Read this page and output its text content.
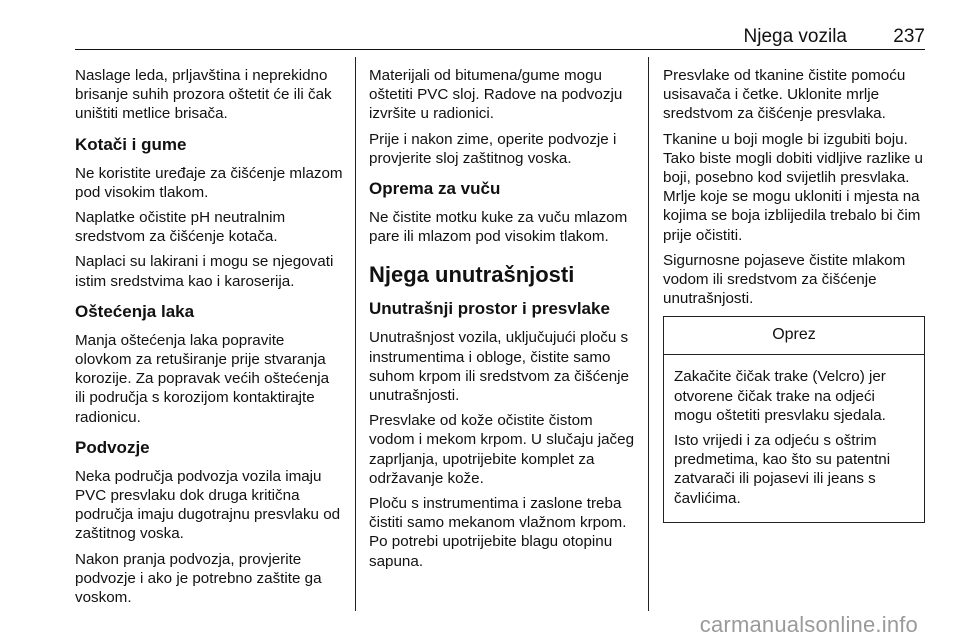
Njega vozila 237

Naslage leda, prljavština i neprekidno brisanje suhih prozora oštetit će ili čak uništiti metlice brisača.

Kotači i gume

Ne koristite uređaje za čišćenje mlazom pod visokim tlakom.

Naplatke očistite pH neutralnim sredstvom za čišćenje kotača.

Naplaci su lakirani i mogu se njegovati istim sredstvima kao i karoserija.

Oštećenja laka

Manja oštećenja laka popravite olovkom za retuširanje prije stvaranja korozije. Za popravak većih oštećenja ili područja s korozijom kontaktirajte radionicu.

Podvozje

Neka područja podvozja vozila imaju PVC presvlaku dok druga kritična područja imaju dugotrajnu presvlaku od zaštitnog voska.

Nakon pranja podvozja, provjerite podvozje i ako je potrebno zaštite ga voskom.

Materijali od bitumena/gume mogu oštetiti PVC sloj. Radove na podvozju izvršite u radionici.

Prije i nakon zime, operite podvozje i provjerite sloj zaštitnog voska.

Oprema za vuču

Ne čistite motku kuke za vuču mlazom pare ili mlazom pod visokim tlakom.

Njega unutrašnjosti
Unutrašnji prostor i presvlake

Unutrašnjost vozila, uključujući ploču s instrumentima i obloge, čistite samo suhom krpom ili sredstvom za čišćenje unutrašnjosti.

Presvlake od kože očistite čistom vodom i mekom krpom. U slučaju jačeg zaprljanja, upotrijebite komplet za održavanje kože.

Ploču s instrumentima i zaslone treba čistiti samo mekanom vlažnom krpom. Po potrebi upotrijebite blagu otopinu sapuna.

Presvlake od tkanine čistite pomoću usisavača i četke. Uklonite mrlje sredstvom za čišćenje presvlaka.

Tkanine u boji mogle bi izgubiti boju. Tako biste mogli dobiti vidljive razlike u boji, posebno kod svijetlih presvlaka. Mrlje koje se mogu ukloniti i mjesta na kojima se boja izblijedila trebalo bi čim prije očistiti.

Sigurnosne pojaseve čistite mlakom vodom ili sredstvom za čišćenje unutrašnjosti.

Oprez

Zakačite čičak trake (Velcro) jer otvorene čičak trake na odjeći mogu oštetiti presvlaku sjedala.

Isto vrijedi i za odjeću s oštrim predmetima, kao što su patentni zatvarači ili pojasevi ili jeans s čavlićima.

carmanualsonline.info
